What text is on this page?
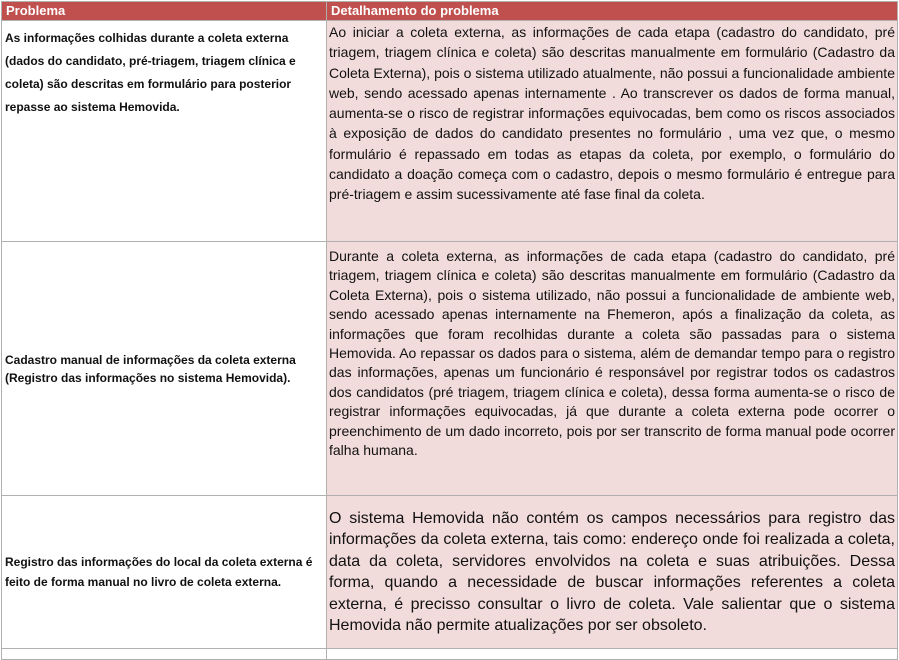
Problema	Detalhamento do problema
As informações colhidas durante a coleta externa (dados do candidato, pré-triagem, triagem clínica e coleta) são descritas em formulário para posterior repasse ao sistema Hemovida.	Ao iniciar a coleta externa, as informações de cada etapa (cadastro do candidato, pré triagem, triagem clínica e coleta) são descritas manualmente em formulário (Cadastro da Coleta Externa), pois o sistema utilizado atualmente, não possui a funcionalidade ambiente web, sendo acessado apenas internamente . Ao transcrever os dados de forma manual, aumenta-se o risco de registrar informações equivocadas, bem como os riscos associados à exposição de dados do candidato presentes no formulário , uma vez que, o mesmo formulário é repassado em todas as etapas da coleta, por exemplo, o formulário do candidato a doação começa com o cadastro, depois o mesmo formulário é entregue para pré-triagem e assim sucessivamente até fase final da coleta.
Cadastro manual de informações da coleta externa (Registro das informações no sistema Hemovida).	Durante a coleta externa, as informações de cada etapa (cadastro do candidato, pré triagem, triagem clínica e coleta) são descritas manualmente em formulário (Cadastro da Coleta Externa), pois o sistema utilizado, não possui a funcionalidade de ambiente web, sendo acessado apenas internamente na Fhemeron, após a finalização da coleta, as informações que foram recolhidas durante a coleta são passadas para o sistema Hemovida. Ao repassar os dados para o sistema, além de demandar tempo para o registro das informações, apenas um funcionário é responsável por registrar todos os cadastros dos candidatos (pré triagem, triagem clínica e coleta), dessa forma aumenta-se o risco de registrar informações equivocadas, já que durante a coleta externa pode ocorrer o preenchimento de um dado incorreto, pois por ser transcrito de forma manual pode ocorrer falha humana.
Registro das informações do local da coleta externa é feito de forma manual no livro de coleta externa.	O sistema Hemovida não contém os campos necessários para registro das informações da coleta externa, tais como: endereço onde foi realizada a coleta, data da coleta, servidores envolvidos na coleta e suas atribuições. Dessa forma, quando a necessidade de buscar informações referentes a coleta externa, é precisso consultar o livro de coleta. Vale salientar que o sistema Hemovida não permite atualizações por ser obsoleto.
